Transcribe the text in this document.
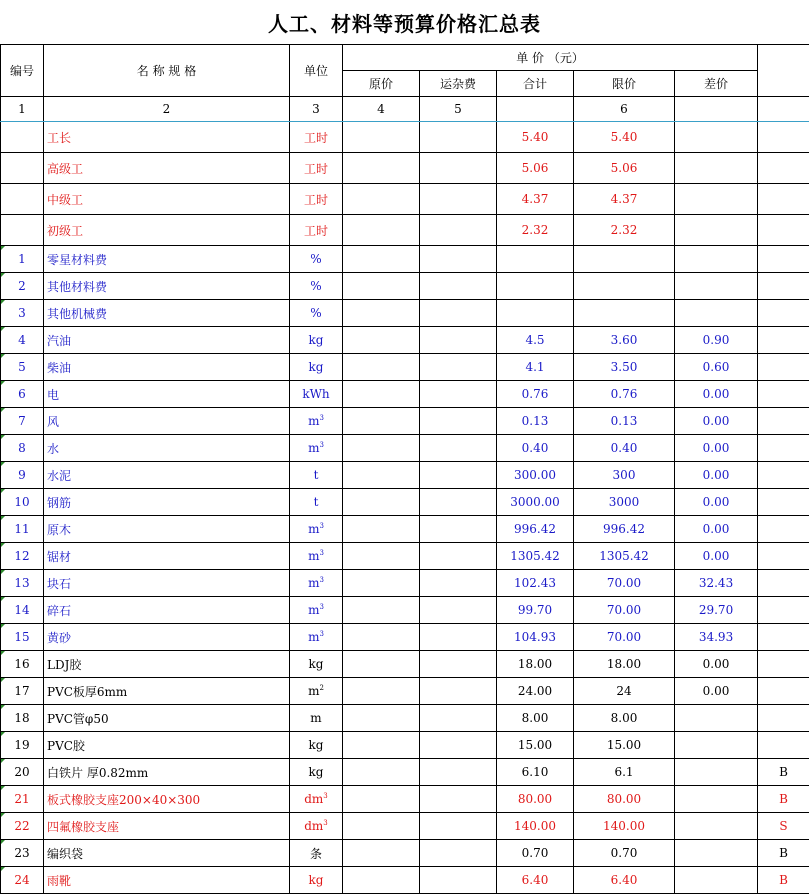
人工、材料等预算价格汇总表
编号	名 称 规 格	单位	单 价 （元）					
			原价	运杂费	合计	限价	差价	
1	2	3	4	5		6		
	工长	工时			5.40	5.40		
	高级工	工时			5.06	5.06		
	中级工	工时			4.37	4.37		
	初级工	工时			2.32	2.32		
1	零星材料费	%						
2	其他材料费	%						
3	其他机械费	%						
4	汽油	kg			4.5	3.60	0.90	
5	柴油	kg			4.1	3.50	0.60	
6	电	kWh			0.76	0.76	0.00	
7	风	$m^3$			0.13	0.13	0.00	
8	水	$m^3$			0.40	0.40	0.00	
9	水泥	t			300.00	300	0.00	
10	钢筋	t			3000.00	3000	0.00	
11	原木	$m^3$			996.42	996.42	0.00	
12	锯材	$m^3$			1305.42	1305.42	0.00	
13	块石	$m^3$			102.43	70.00	32.43	
14	碎石	$m^3$			99.70	70.00	29.70	
15	黄砂	$m^3$			104.93	70.00	34.93	
16	LDJ胶	kg			18.00	18.00	0.00	
17	PVC板厚6mm	$m^2$			24.00	24	0.00	
18	PVC管φ50	m			8.00	8.00		
19	PVC胶	kg			15.00	15.00		
20	白铁片 厚0.82mm	kg			6.10	6.1		B
21	板式橡胶支座200×40×300	$dm^3$			80.00	80.00		B
22	四氟橡胶支座	$dm^3$			140.00	140.00		S
23	编织袋	条			0.70	0.70		B
24	雨靴	kg			6.40	6.40		B
